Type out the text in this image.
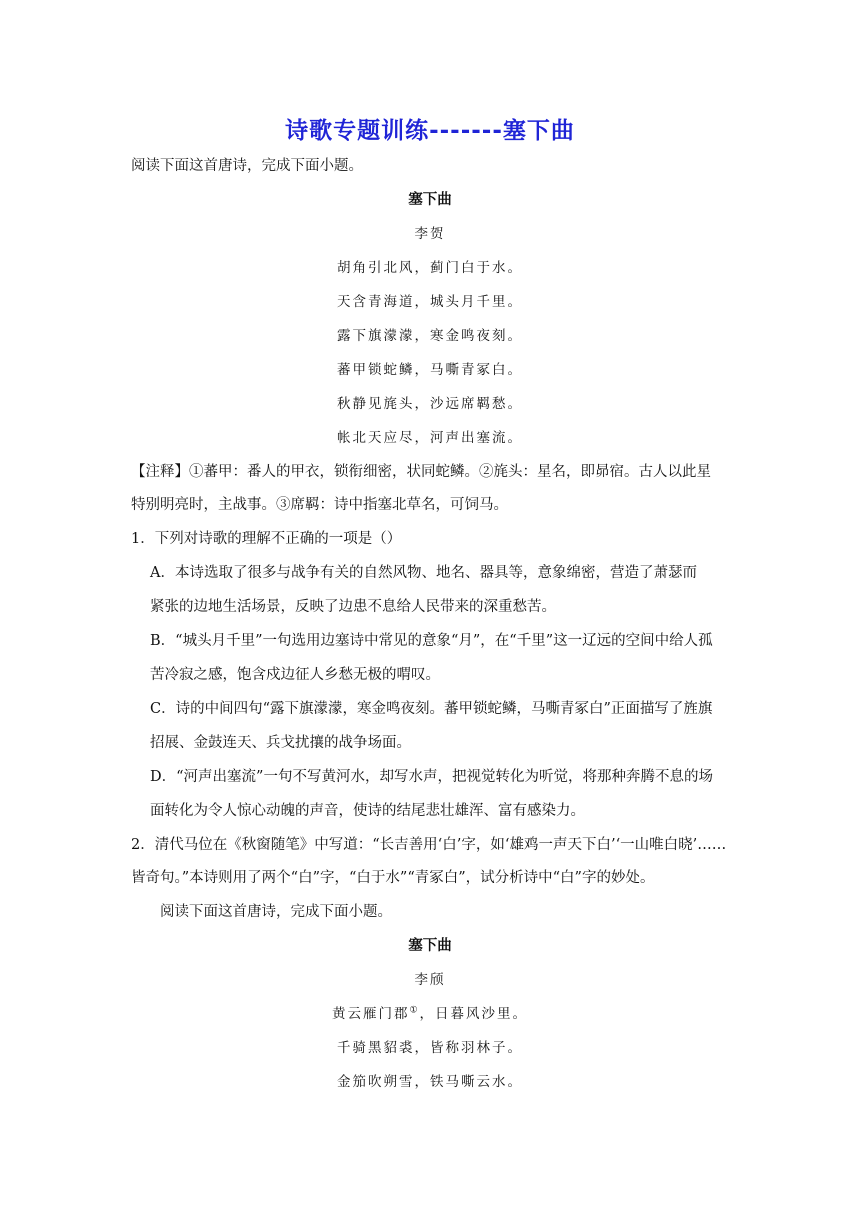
诗歌专题训练-------塞下曲
阅读下面这首唐诗，完成下面小题。
塞下曲
李贺
胡角引北风，蓟门白于水。
天含青海道，城头月千里。
露下旗濛濛，寒金鸣夜刻。
蕃甲锁蛇鳞，马嘶青冢白。
秋静见旄头，沙远席羁愁。
帐北天应尽，河声出塞流。
【注释】①蕃甲：番人的甲衣，锁衔细密，状同蛇鳞。②旄头：星名，即昴宿。古人以此星
特别明亮时，主战事。③席羁：诗中指塞北草名，可饲马。
1．下列对诗歌的理解不正确的一项是（）
A．本诗选取了很多与战争有关的自然风物、地名、器具等，意象绵密，营造了萧瑟而
紧张的边地生活场景，反映了边患不息给人民带来的深重愁苦。
B．“城头月千里”一句选用边塞诗中常见的意象“月”，在“千里”这一辽远的空间中给人孤
苦冷寂之感，饱含戍边征人乡愁无极的喟叹。
C．诗的中间四句“露下旗濛濛，寒金鸣夜刻。蕃甲锁蛇鳞，马嘶青冢白”正面描写了旌旗
招展、金鼓连天、兵戈扰攘的战争场面。
D．“河声出塞流”一句不写黄河水，却写水声，把视觉转化为听觉，将那种奔腾不息的场
面转化为令人惊心动魄的声音，使诗的结尾悲壮雄浑、富有感染力。
2．清代马位在《秋窗随笔》中写道：“长吉善用‘白’字，如‘雄鸡一声天下白’‘一山唯白晓’……
皆奇句。”本诗则用了两个“白”字，“白于水”“青冢白”，试分析诗中“白”字的妙处。
阅读下面这首唐诗，完成下面小题。
塞下曲
李颀
黄云雁门郡①，日暮风沙里。
千骑黑貂裘，皆称羽林子。
金笳吹朔雪，铁马嘶云水。
